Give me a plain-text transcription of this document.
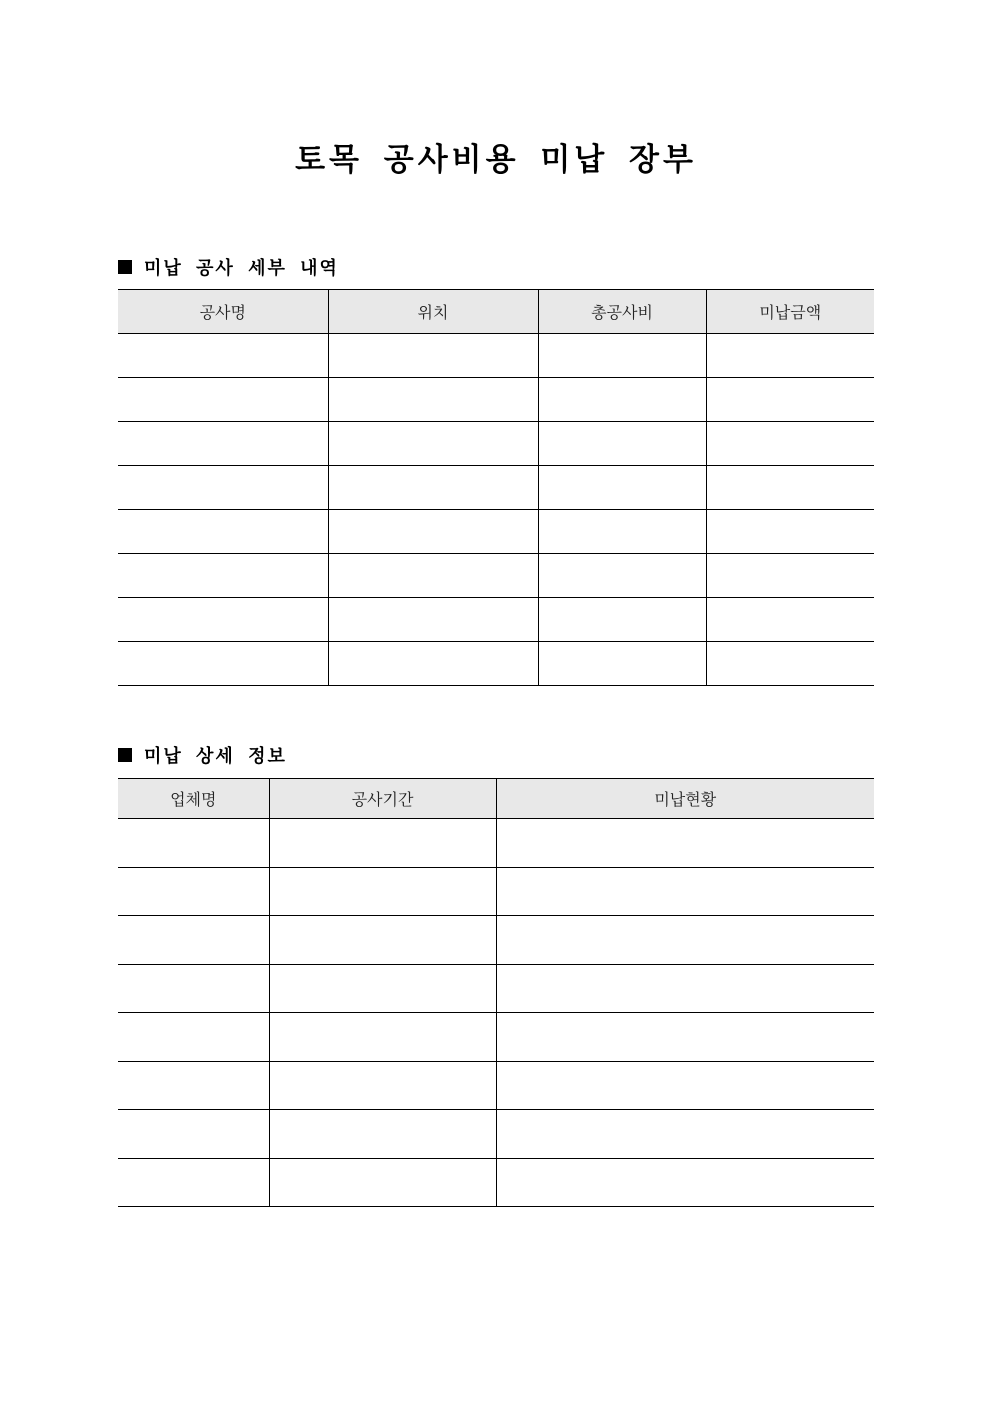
토목 공사비용 미납 장부
미납 공사 세부 내역
공사명	위치	총공사비	미납금액

미납 상세 정보
업체명	공사기간	미납현황
